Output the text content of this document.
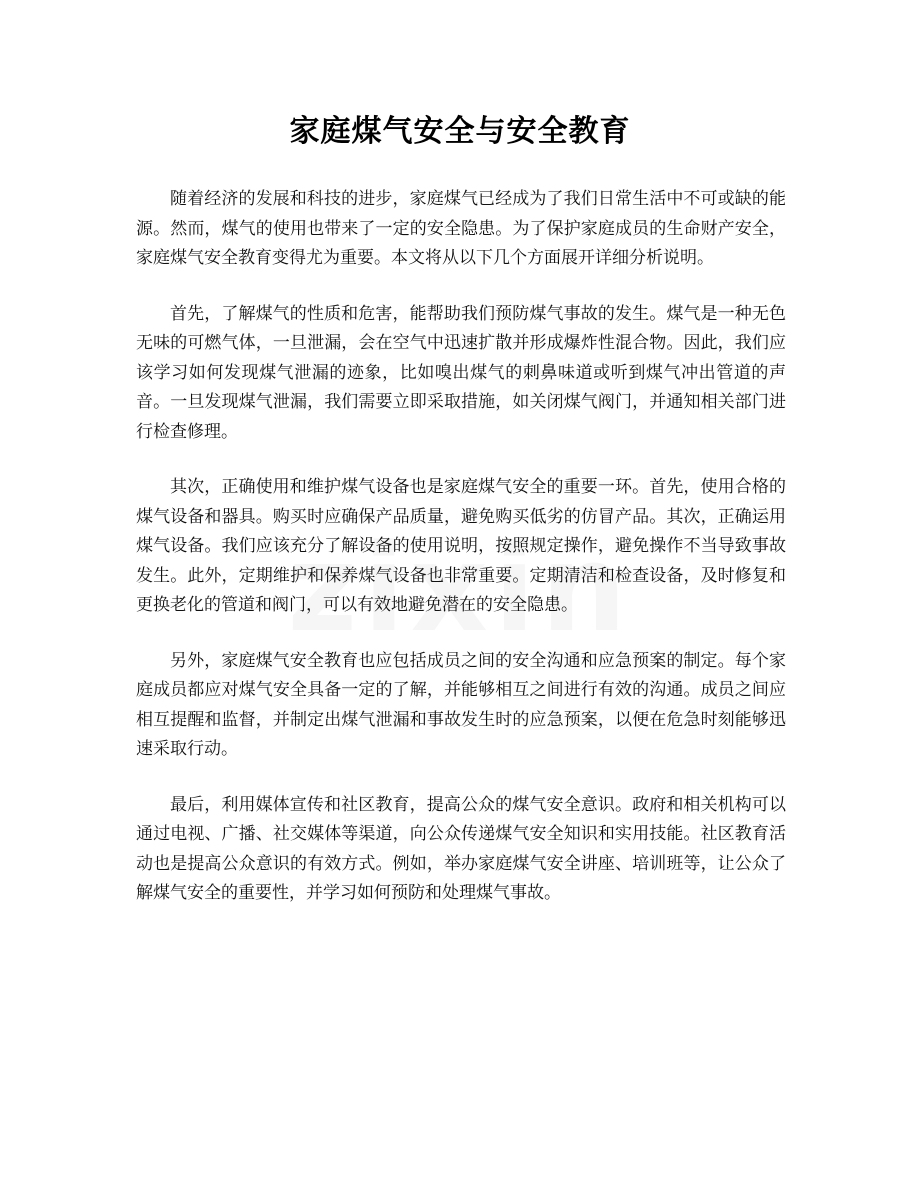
家庭煤气安全与安全教育

随着经济的发展和科技的进步，家庭煤气已经成为了我们日常生活中不可或缺的能源。然而，煤气的使用也带来了一定的安全隐患。为了保护家庭成员的生命财产安全，家庭煤气安全教育变得尤为重要。本文将从以下几个方面展开详细分析说明。

首先，了解煤气的性质和危害，能帮助我们预防煤气事故的发生。煤气是一种无色无味的可燃气体，一旦泄漏，会在空气中迅速扩散并形成爆炸性混合物。因此，我们应该学习如何发现煤气泄漏的迹象，比如嗅出煤气的刺鼻味道或听到煤气冲出管道的声音。一旦发现煤气泄漏，我们需要立即采取措施，如关闭煤气阀门，并通知相关部门进行检查修理。

其次，正确使用和维护煤气设备也是家庭煤气安全的重要一环。首先，使用合格的煤气设备和器具。购买时应确保产品质量，避免购买低劣的仿冒产品。其次，正确运用煤气设备。我们应该充分了解设备的使用说明，按照规定操作，避免操作不当导致事故发生。此外，定期维护和保养煤气设备也非常重要。定期清洁和检查设备，及时修复和更换老化的管道和阀门，可以有效地避免潜在的安全隐患。

另外，家庭煤气安全教育也应包括成员之间的安全沟通和应急预案的制定。每个家庭成员都应对煤气安全具备一定的了解，并能够相互之间进行有效的沟通。成员之间应相互提醒和监督，并制定出煤气泄漏和事故发生时的应急预案，以便在危急时刻能够迅速采取行动。

最后，利用媒体宣传和社区教育，提高公众的煤气安全意识。政府和相关机构可以通过电视、广播、社交媒体等渠道，向公众传递煤气安全知识和实用技能。社区教育活动也是提高公众意识的有效方式。例如，举办家庭煤气安全讲座、培训班等，让公众了解煤气安全的重要性，并学习如何预防和处理煤气事故。
